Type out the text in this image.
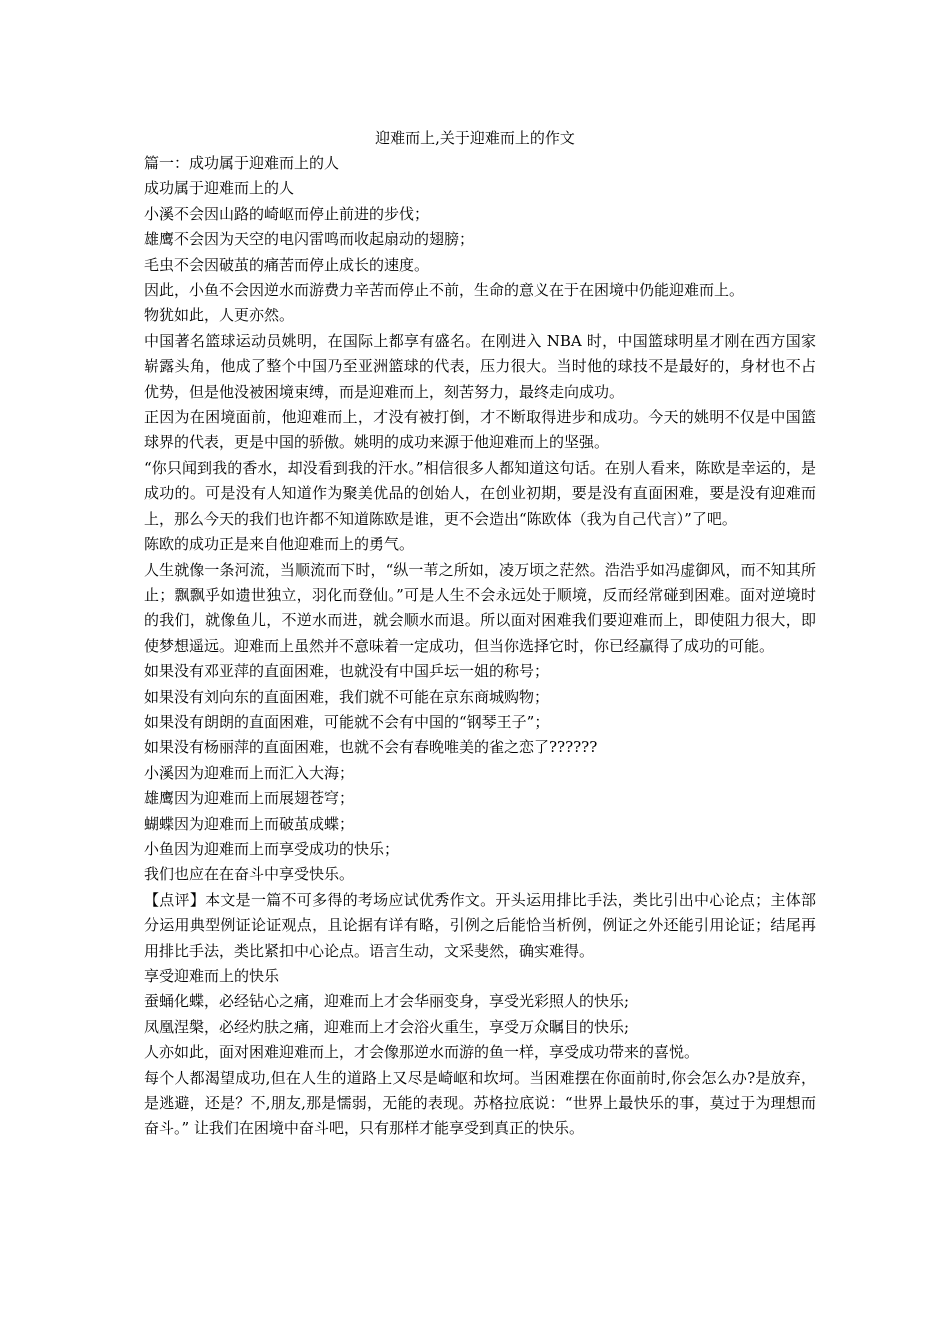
迎难而上,关于迎难而上的作文

篇一：成功属于迎难而上的人

成功属于迎难而上的人

小溪不会因山路的崎岖而停止前进的步伐；

雄鹰不会因为天空的电闪雷鸣而收起扇动的翅膀；

毛虫不会因破茧的痛苦而停止成长的速度。

因此，小鱼不会因逆水而游费力辛苦而停止不前，生命的意义在于在困境中仍能迎难而上。

物犹如此，人更亦然。

中国著名篮球运动员姚明，在国际上都享有盛名。在刚进入 NBA 时，中国篮球明星才刚在西方国家崭露头角，他成了整个中国乃至亚洲篮球的代表，压力很大。当时他的球技不是最好的，身材也不占优势，但是他没被困境束缚，而是迎难而上，刻苦努力，最终走向成功。

正因为在困境面前，他迎难而上，才没有被打倒，才不断取得进步和成功。今天的姚明不仅是中国篮球界的代表，更是中国的骄傲。姚明的成功来源于他迎难而上的坚强。

“你只闻到我的香水，却没看到我的汗水。”相信很多人都知道这句话。在别人看来，陈欧是幸运的，是成功的。可是没有人知道作为聚美优品的创始人，在创业初期，要是没有直面困难，要是没有迎难而上，那么今天的我们也许都不知道陈欧是谁，更不会造出“陈欧体（我为自己代言）”了吧。

陈欧的成功正是来自他迎难而上的勇气。

人生就像一条河流，当顺流而下时，“纵一苇之所如，凌万顷之茫然。浩浩乎如冯虚御风，而不知其所止；飘飘乎如遗世独立，羽化而登仙。”可是人生不会永远处于顺境，反而经常碰到困难。面对逆境时的我们，就像鱼儿，不逆水而进，就会顺水而退。所以面对困难我们要迎难而上，即使阻力很大，即使梦想遥远。迎难而上虽然并不意味着一定成功，但当你选择它时，你已经赢得了成功的可能。

如果没有邓亚萍的直面困难，也就没有中国乒坛一姐的称号；

如果没有刘向东的直面困难，我们就不可能在京东商城购物；

如果没有朗朗的直面困难，可能就不会有中国的“钢琴王子”；

如果没有杨丽萍的直面困难，也就不会有春晚唯美的雀之恋了??????

小溪因为迎难而上而汇入大海；

雄鹰因为迎难而上而展翅苍穹；

蝴蝶因为迎难而上而破茧成蝶；

小鱼因为迎难而上而享受成功的快乐；

我们也应在在奋斗中享受快乐。

【点评】本文是一篇不可多得的考场应试优秀作文。开头运用排比手法，类比引出中心论点；主体部分运用典型例证论证观点，且论据有详有略，引例之后能恰当析例，例证之外还能引用论证；结尾再用排比手法，类比紧扣中心论点。语言生动，文采斐然，确实难得。

享受迎难而上的快乐

蚕蛹化蝶，必经钻心之痛，迎难而上才会华丽变身，享受光彩照人的快乐;

凤凰涅槃，必经灼肤之痛，迎难而上才会浴火重生，享受万众瞩目的快乐;

人亦如此，面对困难迎难而上，才会像那逆水而游的鱼一样，享受成功带来的喜悦。

每个人都渴望成功,但在人生的道路上又尽是崎岖和坎坷。当困难摆在你面前时,你会怎么办?是放弃，是逃避，还是？不,朋友,那是懦弱，无能的表现。苏格拉底说：“世界上最快乐的事，莫过于为理想而奋斗。” 让我们在困境中奋斗吧，只有那样才能享受到真正的快乐。
